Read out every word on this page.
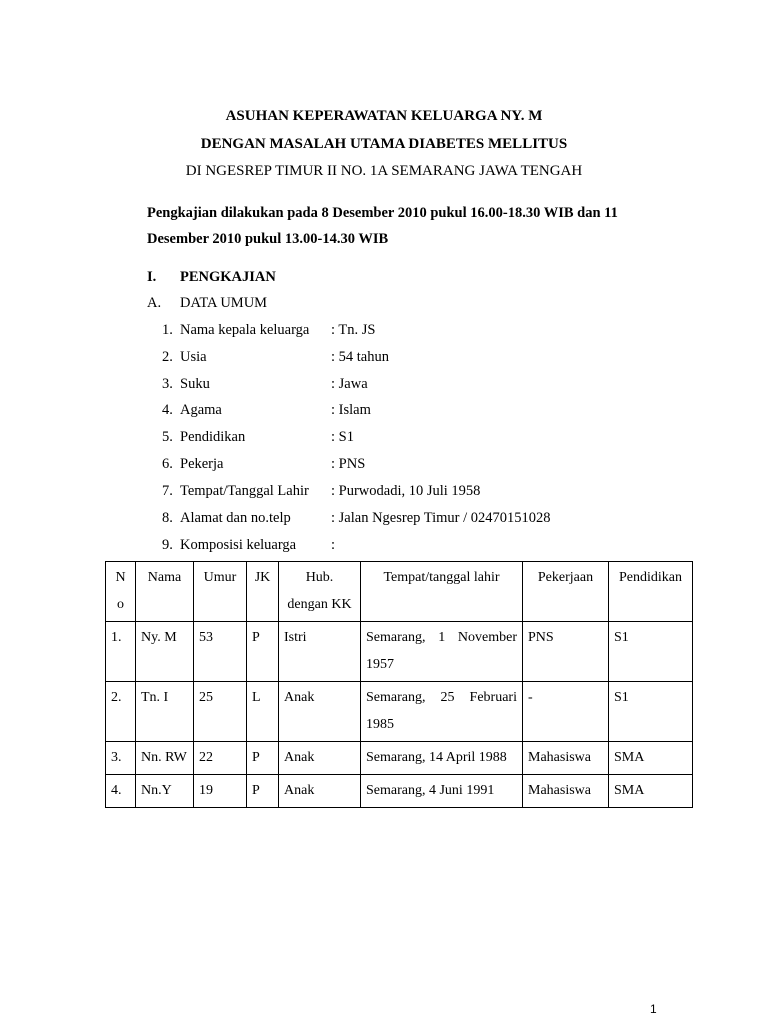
ASUHAN KEPERAWATAN KELUARGA NY. M
DENGAN MASALAH UTAMA DIABETES MELLITUS
DI NGESREP TIMUR II NO. 1A SEMARANG JAWA TENGAH
Pengkajian dilakukan pada 8 Desember 2010 pukul 16.00-18.30 WIB dan 11
Desember 2010 pukul 13.00-14.30 WIB
I. PENGKAJIAN
A. DATA UMUM
1. Nama kepala keluarga : Tn. JS
2. Usia	: 54 tahun
3. Suku	: Jawa
4. Agama	: Islam
5. Pendidikan	: S1
6. Pekerja	: PNS
7. Tempat/Tanggal Lahir : Purwodadi, 10 Juli 1958
8. Alamat dan no.telp	: Jalan Ngesrep Timur / 02470151028
9. Komposisi keluarga :
N o	Nama	Umur	JK	Hub. dengan KK	Tempat/tanggal lahir	Pekerjaan	Pendidikan
1.	Ny. M	53	P	Istri	Semarang, 1 November 1957	PNS	S1
2.	Tn. I	25	L	Anak	Semarang, 25 Februari 1985	-	S1
3.	Nn. RW	22	P	Anak	Semarang, 14 April 1988	Mahasiswa	SMA
4.	Nn.Y	19	P	Anak	Semarang, 4 Juni 1991	Mahasiswa	SMA
1
